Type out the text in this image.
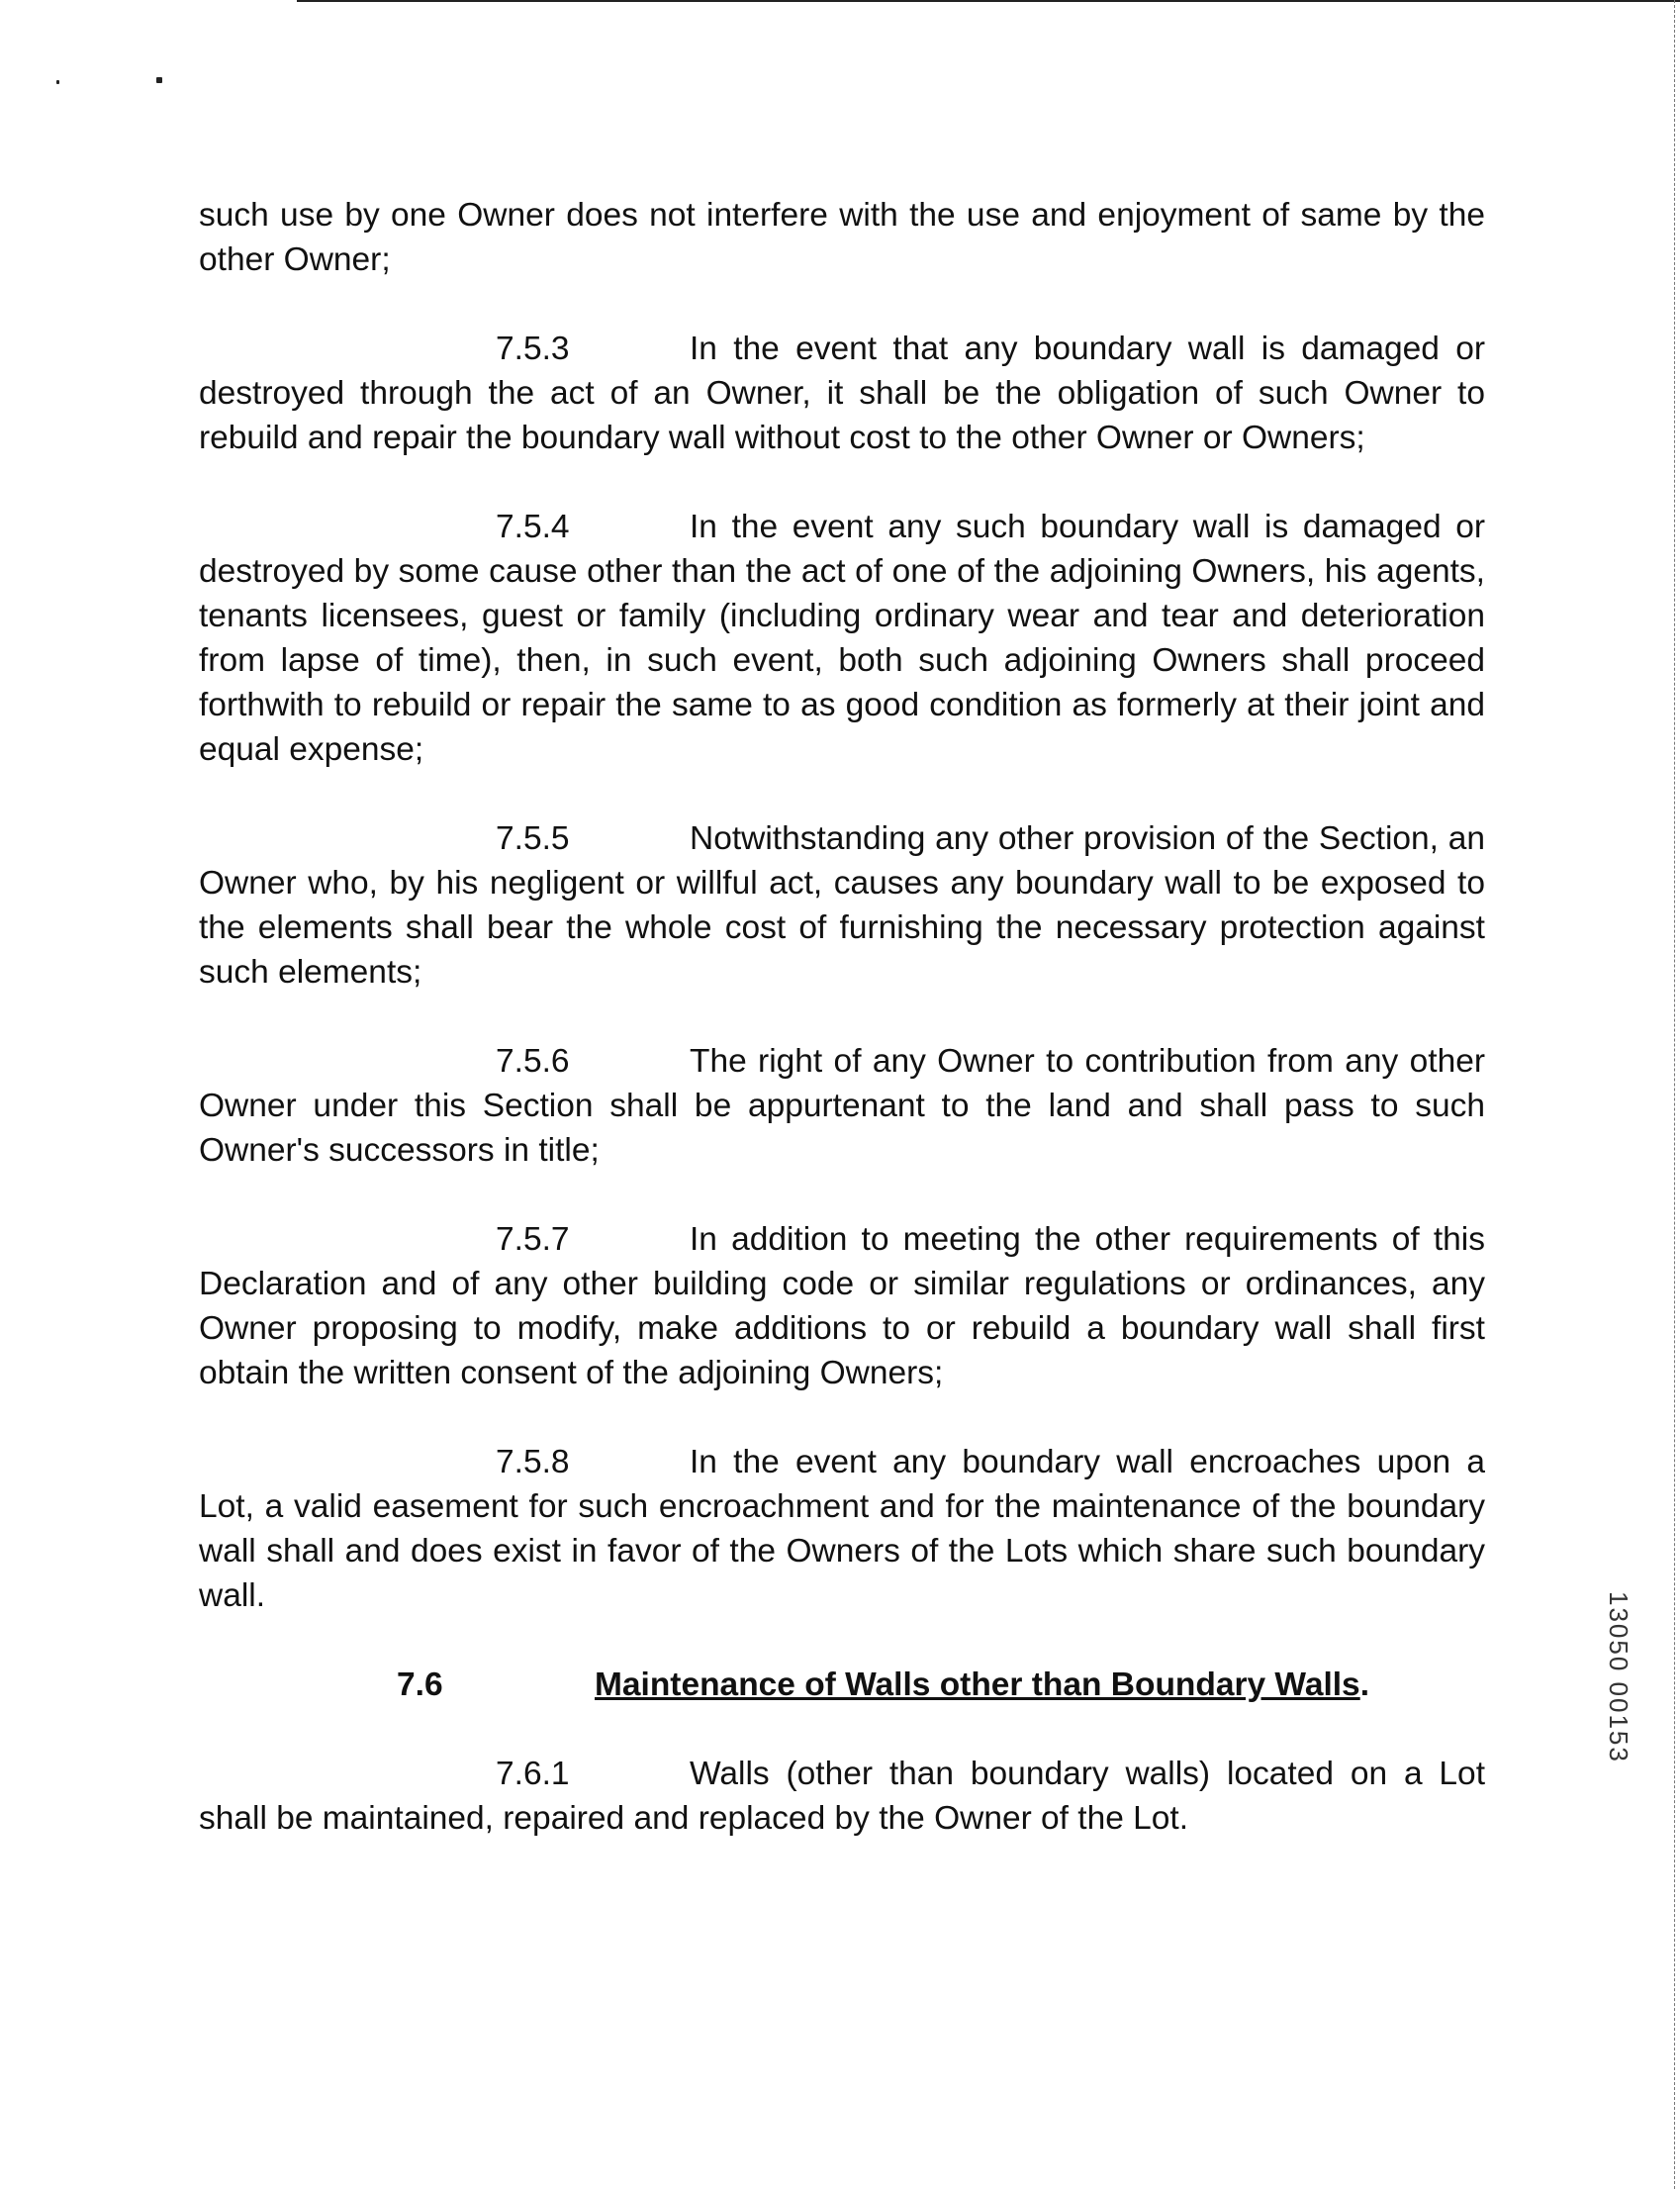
such use by one Owner does not interfere with the use and enjoyment of same by the other Owner;

7.5.3	In the event that any boundary wall is damaged or destroyed through the act of an Owner, it shall be the obligation of such Owner to rebuild and repair the boundary wall without cost to the other Owner or Owners;

7.5.4	In the event any such boundary wall is damaged or destroyed by some cause other than the act of one of the adjoining Owners, his agents, tenants licensees, guest or family (including ordinary wear and tear and deterioration from lapse of time), then, in such event, both such adjoining Owners shall proceed forthwith to rebuild or repair the same to as good condition as formerly at their joint and equal expense;

7.5.5	Notwithstanding any other provision of the Section, an Owner who, by his negligent or willful act, causes any boundary wall to be exposed to the elements shall bear the whole cost of furnishing the necessary protection against such elements;

7.5.6	The right of any Owner to contribution from any other Owner under this Section shall be appurtenant to the land and shall pass to such Owner's successors in title;

7.5.7	In addition to meeting the other requirements of this Declaration and of any other building code or similar regulations or ordinances, any Owner proposing to modify, make additions to or rebuild a boundary wall shall first obtain the written consent of the adjoining Owners;

7.5.8	In the event any boundary wall encroaches upon a Lot, a valid easement for such encroachment and for the maintenance of the boundary wall shall and does exist in favor of the Owners of the Lots which share such boundary wall.

7.6	Maintenance of Walls other than Boundary Walls.

7.6.1	Walls (other than boundary walls) located on a Lot shall be maintained, repaired and replaced by the Owner of the Lot.

13050 00153
